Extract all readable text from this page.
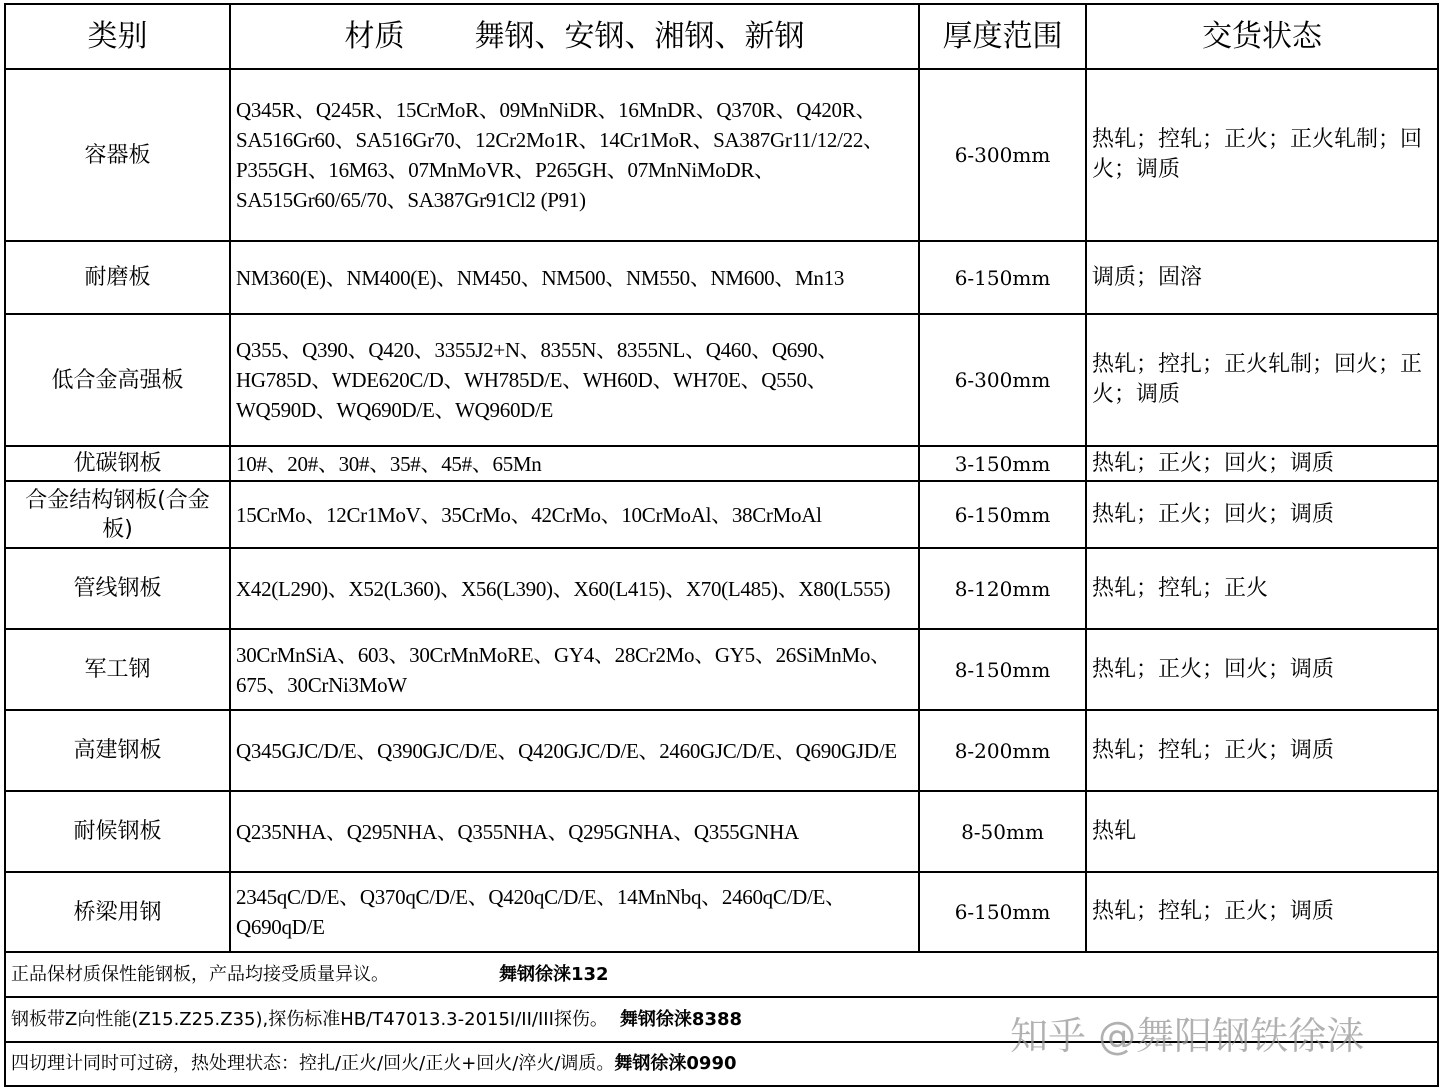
类别	材质 舞钢、安钢、湘钢、新钢	厚度范围	交货状态
容器板	Q345R、Q245R、15CrMoR、09MnNiDR、16MnDR、Q370R、Q420R、SA516Gr60、SA516Gr70、12Cr2Mo1R、14Cr1MoR、SA387Gr11/12/22、P355GH、16M63、07MnMoVR、P265GH、07MnNiMoDR、SA515Gr60/65/70、SA387Gr91Cl2 (P91)	6-300mm	热轧；控轧；正火；正火轧制；回火；调质
耐磨板	NM360(E)、NM400(E)、NM450、NM500、NM550、NM600、Mn13	6-150mm	调质；固溶
低合金高强板	Q355、Q390、Q420、3355J2+N、8355N、8355NL、Q460、Q690、HG785D、WDE620C/D、WH785D/E、WH60D、WH70E、Q550、WQ590D、WQ690D/E、WQ960D/E	6-300mm	热轧；控扎；正火轧制；回火；正火；调质
优碳钢板	10#、20#、30#、35#、45#、65Mn	3-150mm	热轧；正火；回火；调质
合金结构钢板(合金板)	15CrMo、12Cr1MoV、35CrMo、42CrMo、10CrMoAl、38CrMoAl	6-150mm	热轧；正火；回火；调质
管线钢板	X42(L290)、X52(L360)、X56(L390)、X60(L415)、X70(L485)、X80(L555)	8-120mm	热轧；控轧；正火
军工钢	30CrMnSiA、603、30CrMnMoRE、GY4、28Cr2Mo、GY5、26SiMnMo、675、30CrNi3MoW	8-150mm	热轧；正火；回火；调质
高建钢板	Q345GJC/D/E、Q390GJC/D/E、Q420GJC/D/E、2460GJC/D/E、Q690GJD/E	8-200mm	热轧；控轧；正火；调质
耐候钢板	Q235NHA、Q295NHA、Q355NHA、Q295GNHA、Q355GNHA	8-50mm	热轧
桥梁用钢	2345qC/D/E、Q370qC/D/E、Q420qC/D/E、14MnNbq、2460qC/D/E、Q690qD/E	6-150mm	热轧；控轧；正火；调质
正品保材质保性能钢板，产品均接受质量异议。 舞钢徐涞132			
钢板带Z向性能(Z15.Z25.Z35),探伤标准HB/T47013.3-2015I/II/III探伤。 舞钢徐涞8388			
四切理计同时可过磅，热处理状态：控扎/正火/回火/正火+回火/淬火/调质。舞钢徐涞0990			
知乎 @舞阳钢铁徐涞
